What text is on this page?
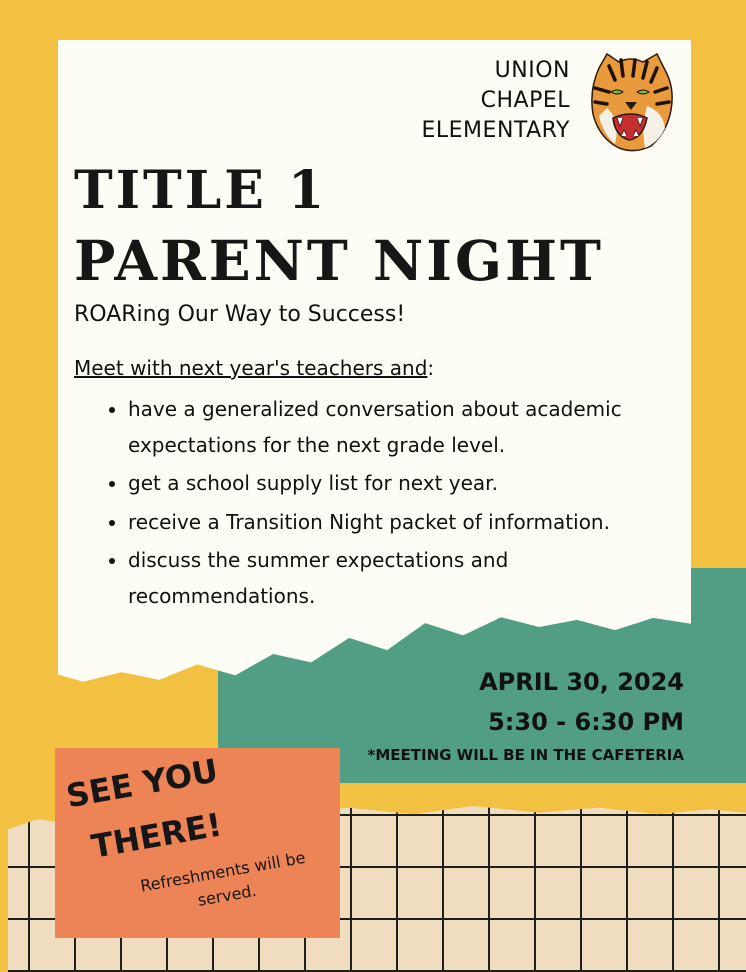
UNION
CHAPEL
ELEMENTARY
TITLE 1
PARENT NIGHT
ROARing Our Way to Success!
Meet with next year's teachers and:
• have a generalized conversation about academic expectations for the next grade level.
• get a school supply list for next year.
• receive a Transition Night packet of information.
• discuss the summer expectations and recommendations.
APRIL 30, 2024
5:30 - 6:30 PM
*MEETING WILL BE IN THE CAFETERIA
SEE YOU
THERE!
Refreshments will be served.
